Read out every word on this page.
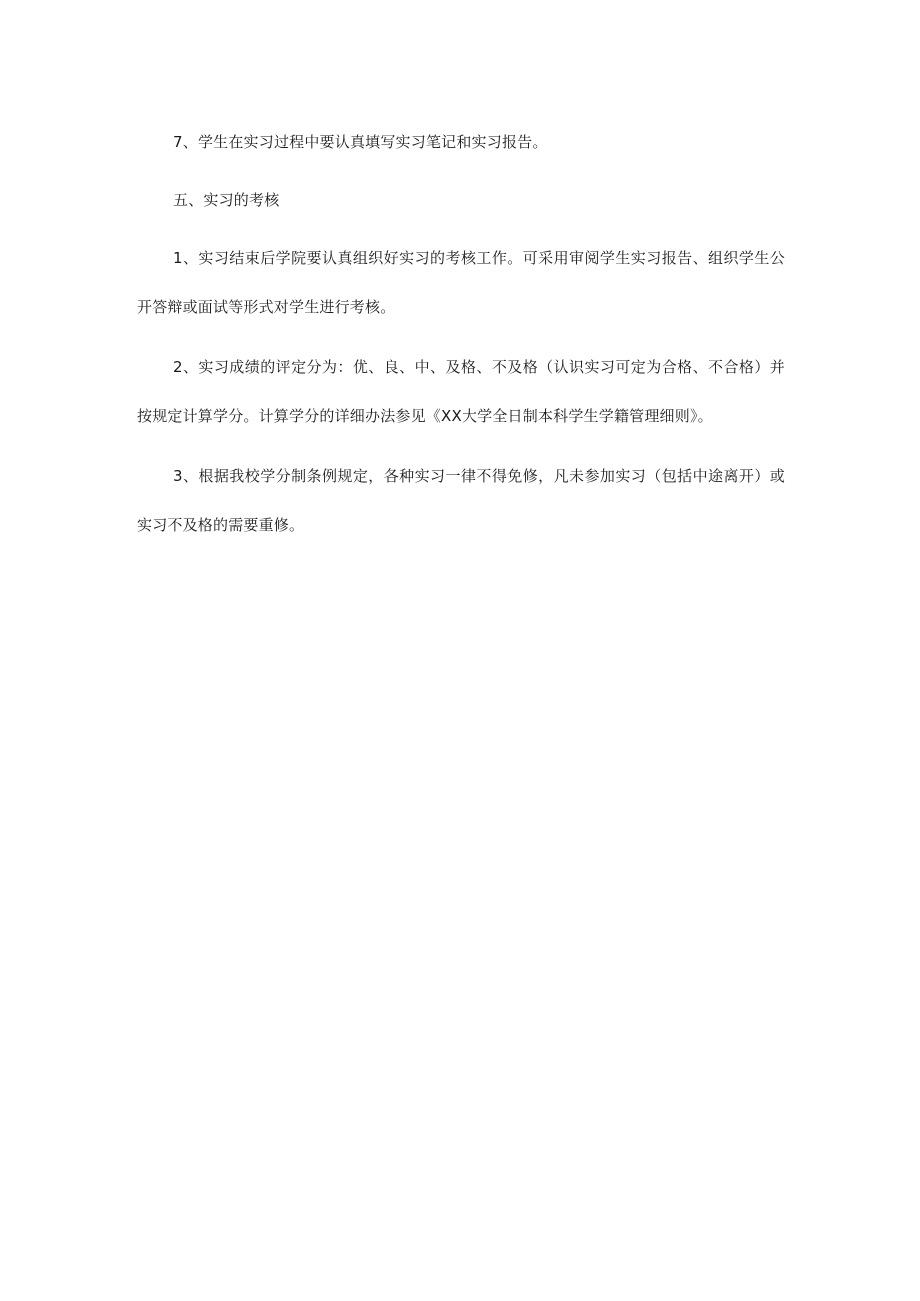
7、学生在实习过程中要认真填写实习笔记和实习报告。

五、实习的考核

1、实习结束后学院要认真组织好实习的考核工作。可采用审阅学生实习报告、组织学生公开答辩或面试等形式对学生进行考核。

2、实习成绩的评定分为：优、良、中、及格、不及格（认识实习可定为合格、不合格）并按规定计算学分。计算学分的详细办法参见《XX大学全日制本科学生学籍管理细则》。

3、根据我校学分制条例规定，各种实习一律不得免修，凡未参加实习（包括中途离开）或实习不及格的需要重修。
